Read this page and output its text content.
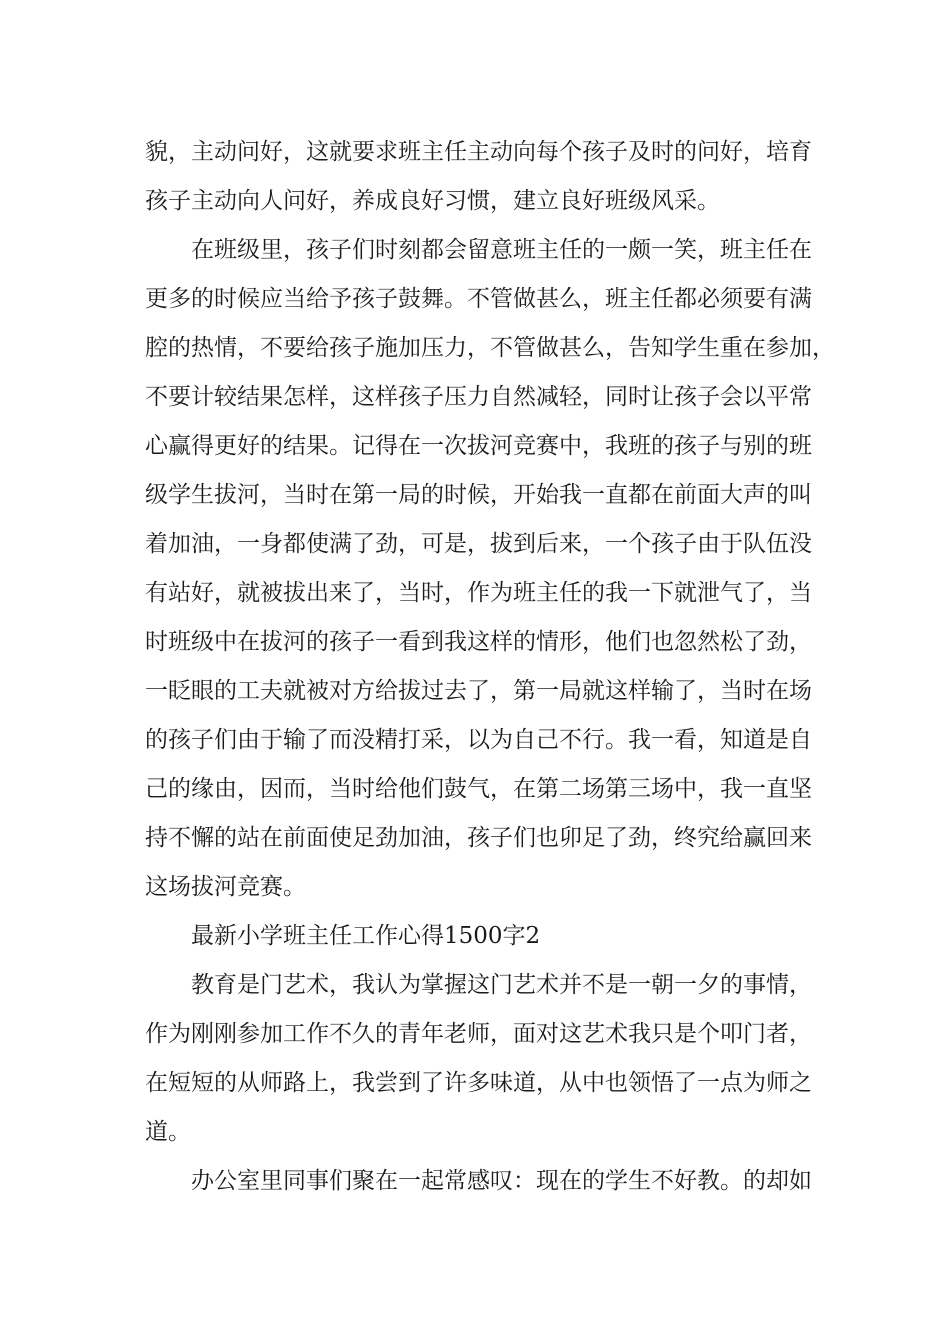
貌，主动问好，这就要求班主任主动向每个孩子及时的问好，培育
孩子主动向人问好，养成良好习惯，建立良好班级风采。
在班级里，孩子们时刻都会留意班主任的一颇一笑，班主任在
更多的时候应当给予孩子鼓舞。不管做甚么，班主任都必须要有满
腔的热情，不要给孩子施加压力，不管做甚么，告知学生重在参加，
不要计较结果怎样，这样孩子压力自然减轻，同时让孩子会以平常
心赢得更好的结果。记得在一次拔河竞赛中，我班的孩子与别的班
级学生拔河，当时在第一局的时候，开始我一直都在前面大声的叫
着加油，一身都使满了劲，可是，拔到后来，一个孩子由于队伍没
有站好，就被拔出来了，当时，作为班主任的我一下就泄气了，当
时班级中在拔河的孩子一看到我这样的情形，他们也忽然松了劲，
一眨眼的工夫就被对方给拔过去了，第一局就这样输了，当时在场
的孩子们由于输了而没精打采，以为自己不行。我一看，知道是自
己的缘由，因而，当时给他们鼓气，在第二场第三场中，我一直坚
持不懈的站在前面使足劲加油，孩子们也卯足了劲，终究给赢回来
这场拔河竞赛。
最新小学班主任工作心得1500字2
教育是门艺术，我认为掌握这门艺术并不是一朝一夕的事情，
作为刚刚参加工作不久的青年老师，面对这艺术我只是个叩门者，
在短短的从师路上，我尝到了许多味道，从中也领悟了一点为师之
道。
办公室里同事们聚在一起常感叹：现在的学生不好教。的却如
